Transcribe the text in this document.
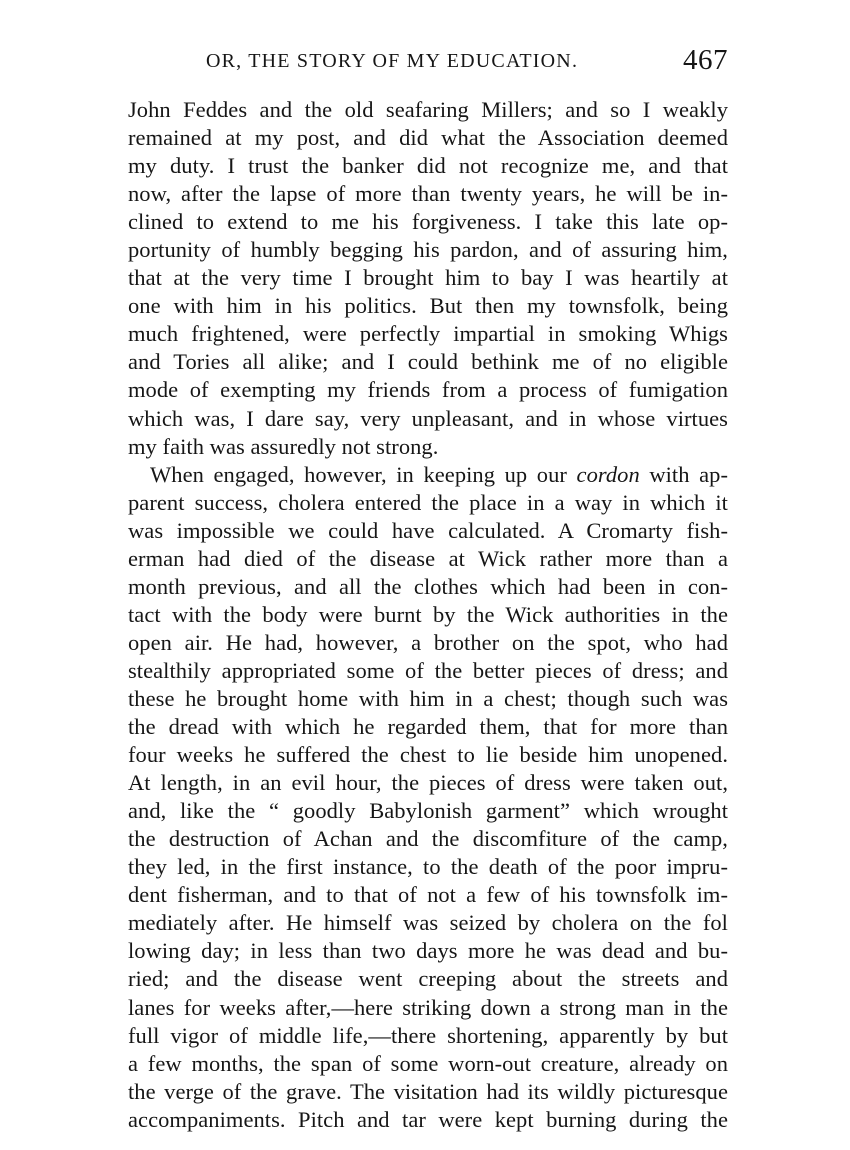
OR, THE STORY OF MY EDUCATION.	467
John Feddes and the old seafaring Millers; and so I weakly
remained at my post, and did what the Association deemed
my duty. I trust the banker did not recognize me, and that
now, after the lapse of more than twenty years, he will be in-
clined to extend to me his forgiveness. I take this late op-
portunity of humbly begging his pardon, and of assuring him,
that at the very time I brought him to bay I was heartily at
one with him in his politics. But then my townsfolk, being
much frightened, were perfectly impartial in smoking Whigs
and Tories all alike; and I could bethink me of no eligible
mode of exempting my friends from a process of fumigation
which was, I dare say, very unpleasant, and in whose virtues
my faith was assuredly not strong.
When engaged, however, in keeping up our cordon with ap-
parent success, cholera entered the place in a way in which it
was impossible we could have calculated. A Cromarty fish-
erman had died of the disease at Wick rather more than a
month previous, and all the clothes which had been in con-
tact with the body were burnt by the Wick authorities in the
open air. He had, however, a brother on the spot, who had
stealthily appropriated some of the better pieces of dress; and
these he brought home with him in a chest; though such was
the dread with which he regarded them, that for more than
four weeks he suffered the chest to lie beside him unopened.
At length, in an evil hour, the pieces of dress were taken out,
and, like the “ goodly Babylonish garment” which wrought
the destruction of Achan and the discomfiture of the camp,
they led, in the first instance, to the death of the poor impru-
dent fisherman, and to that of not a few of his townsfolk im-
mediately after. He himself was seized by cholera on the fol
lowing day; in less than two days more he was dead and bu-
ried; and the disease went creeping about the streets and
lanes for weeks after,—here striking down a strong man in the
full vigor of middle life,—there shortening, apparently by but
a few months, the span of some worn-out creature, already on
the verge of the grave. The visitation had its wildly picturesque
accompaniments. Pitch and tar were kept burning during the
